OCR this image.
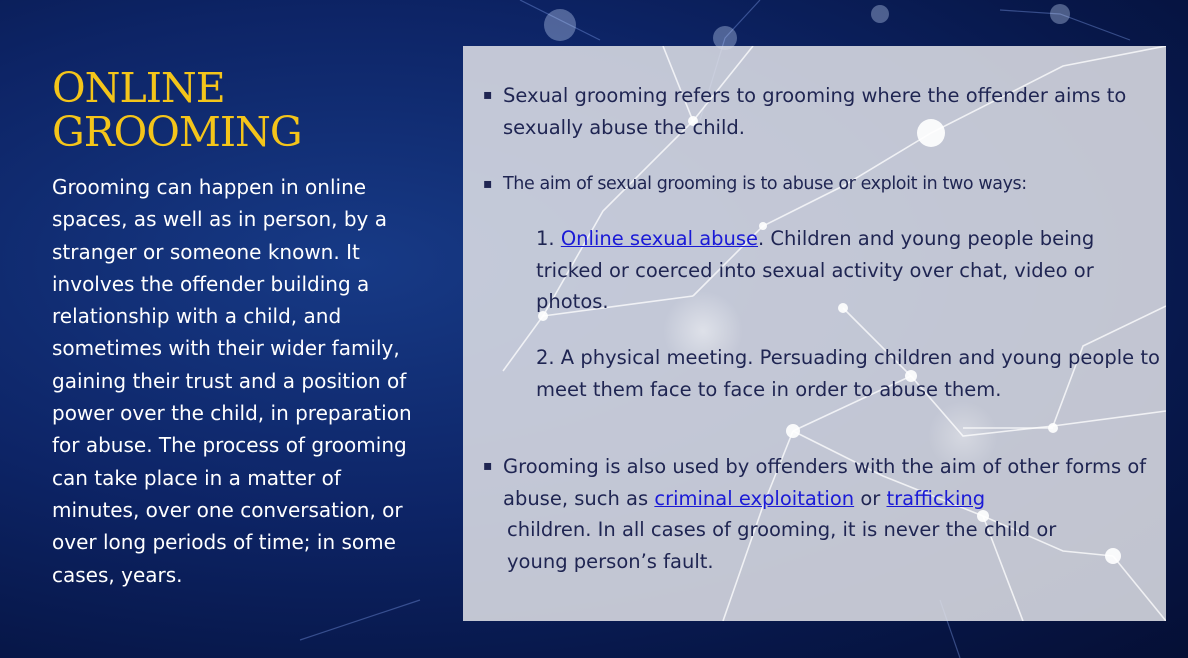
ONLINE
GROOMING
Grooming can happen in online spaces, as well as in person, by a stranger or someone known. It involves the offender building a relationship with a child, and sometimes with their wider family, gaining their trust and a position of power over the child, in preparation for abuse. The process of grooming can take place in a matter of minutes, over one conversation, or over long periods of time; in some cases, years.
▪ Sexual grooming refers to grooming where the offender aims to sexually abuse the child.
▪ The aim of sexual grooming is to abuse or exploit in two ways:
1. Online sexual abuse. Children and young people being tricked or coerced into sexual activity over chat, video or photos.
2. A physical meeting. Persuading children and young people to meet them face to face in order to abuse them.
▪ Grooming is also used by offenders with the aim of other forms of abuse, such as criminal exploitation or trafficking
children. In all cases of grooming, it is never the child or
young person’s fault.
